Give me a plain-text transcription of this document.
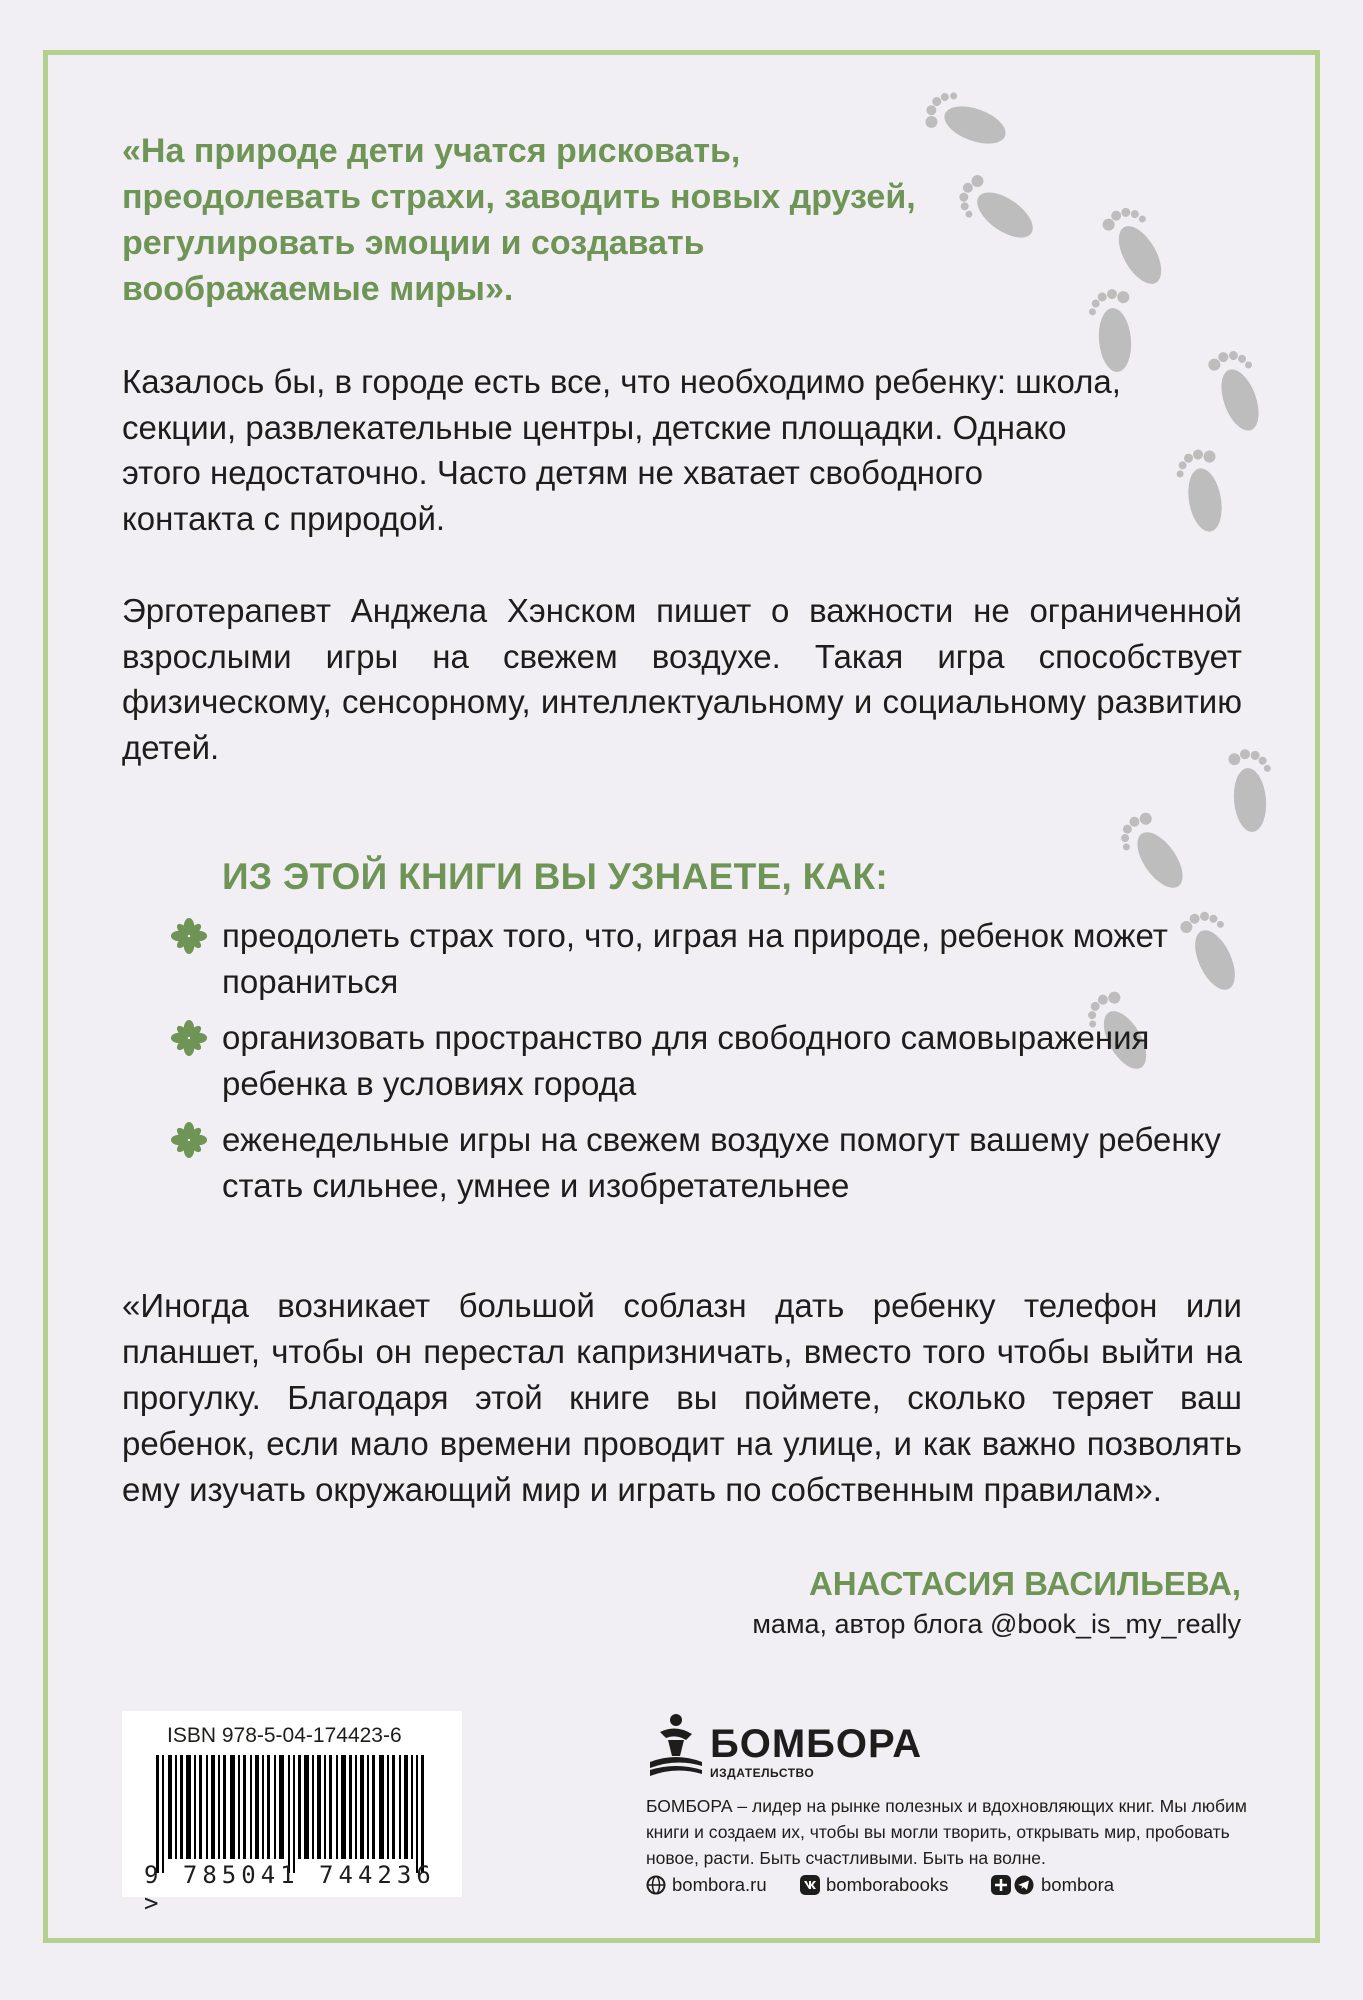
«На природе дети учатся рисковать, преодолевать страхи, заводить новых друзей, регулировать эмоции и создавать воображаемые миры».

Казалось бы, в городе есть все, что необходимо ребенку: школа, секции, развлекательные центры, детские площадки. Однако этого недостаточно. Часто детям не хватает свободного контакта с природой.

Эрготерапевт Анджела Хэнском пишет о важности не ограниченной взрослыми игры на свежем воздухе. Такая игра способствует физическому, сенсорному, интеллектуальному и социальному развитию детей.

ИЗ ЭТОЙ КНИГИ ВЫ УЗНАЕТЕ, КАК:
преодолеть страх того, что, играя на природе, ребенок может пораниться
организовать пространство для свободного самовыражения ребенка в условиях города
еженедельные игры на свежем воздухе помогут вашему ребенку стать сильнее, умнее и изобретательнее

«Иногда возникает большой соблазн дать ребенку телефон или планшет, чтобы он перестал капризничать, вместо того чтобы выйти на прогулку. Благодаря этой книге вы поймете, сколько теряет ваш ребенок, если мало времени проводит на улице, и как важно позволять ему изучать окружающий мир и играть по собственным правилам».

АНАСТАСИЯ ВАСИЛЬЕВА,

мама, автор блога @book_is_my_really

ISBN 978-5-04-174423-6

9 785041 744236 >

БОМБОРА

ИЗДАТЕЛЬСТВО

БОМБОРА – лидер на рынке полезных и вдохновляющих книг. Мы любим книги и создаем их, чтобы вы могли творить, открывать мир, пробовать новое, расти. Быть счастливыми. Быть на волне.

bombora.ru	bomborabooks	bombora
